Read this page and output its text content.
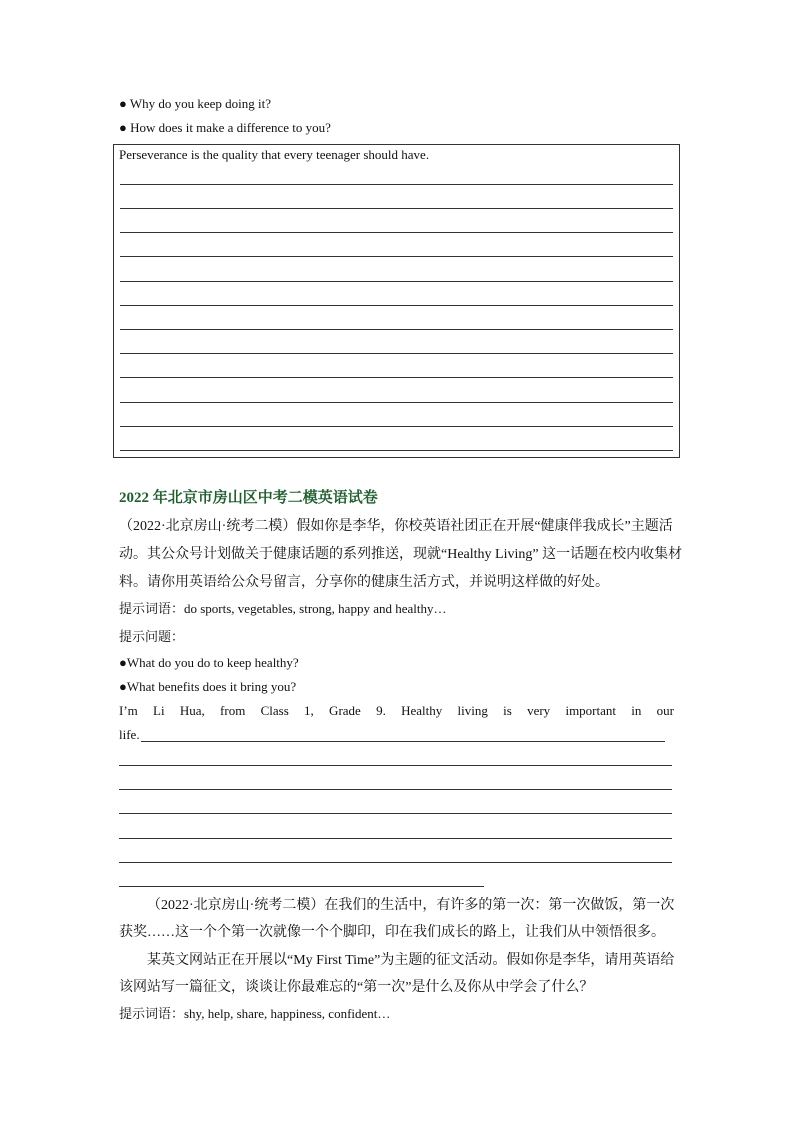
● Why do you keep doing it?
● How does it make a difference to you?
Perseverance is the quality that every teenager should have.
2022 年北京市房山区中考二模英语试卷
（2022·北京房山·统考二模）假如你是李华，你校英语社团正在开展“健康伴我成长”主题活
动。其公众号计划做关于健康话题的系列推送，现就“Healthy Living” 这一话题在校内收集材
料。请你用英语给公众号留言，分享你的健康生活方式，并说明这样做的好处。
提示词语：do sports, vegetables, strong, happy and healthy…
提示问题：
●What do you do to keep healthy?
●What benefits does it bring you?
I’m Li Hua, from Class 1, Grade 9. Healthy living is very important in our
life.
（2022·北京房山·统考二模）在我们的生活中，有许多的第一次：第一次做饭，第一次
获奖……这一个个第一次就像一个个脚印，印在我们成长的路上，让我们从中领悟很多。
某英文网站正在开展以“My First Time”为主题的征文活动。假如你是李华，请用英语给
该网站写一篇征文，谈谈让你最难忘的“第一次”是什么及你从中学会了什么？
提示词语：shy, help, share, happiness, confident…
